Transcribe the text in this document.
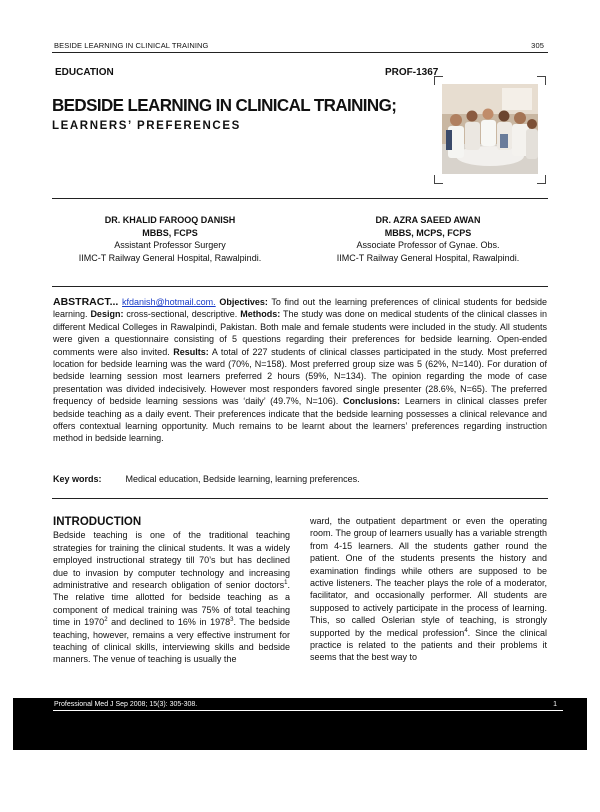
BESIDE LEARNING IN CLINICAL TRAINING	305
EDUCATION	PROF-1367
BEDSIDE LEARNING IN CLINICAL TRAINING;
LEARNERS’ PREFERENCES
DR. KHALID FAROOQ DANISH
MBBS, FCPS
Assistant Professor Surgery
IIMC-T Railway General Hospital, Rawalpindi.
DR. AZRA SAEED AWAN
MBBS, MCPS, FCPS
Associate Professor of Gynae. Obs.
IIMC-T Railway General Hospital, Rawalpindi.
ABSTRACT... kfdanish@hotmail.com. Objectives: To find out the learning preferences of clinical students for bedside learning. Design: cross-sectional, descriptive. Methods: The study was done on medical students of the clinical classes in different Medical Colleges in Rawalpindi, Pakistan. Both male and female students were included in the study. All students were given a questionnaire consisting of 5 questions regarding their preferences for bedside learning. Open-ended comments were also invited. Results: A total of 227 students of clinical classes participated in the study. Most preferred location for bedside learning was the ward (70%, N=158). Most preferred group size was 5 (62%, N=140). For duration of bedside learning session most learners preferred 2 hours (59%, N=134). The opinion regarding the mode of case presentation was divided indecisively. However most responders favored single presenter (28.6%, N=65). The preferred frequency of bedside learning sessions was ‘daily’ (49.7%, N=106). Conclusions: Learners in clinical classes prefer bedside teaching as a daily event. Their preferences indicate that the bedside learning possesses a clinical relevance and offers contextual learning opportunity. Much remains to be learnt about the learners’ preferences regarding instruction method in bedside learning.
Key words:	Medical education, Bedside learning, learning preferences.
INTRODUCTION
Bedside teaching is one of the traditional teaching strategies for training the clinical students. It was a widely employed instructional strategy till 70’s but has declined due to invasion by computer technology and increasing administrative and research obligation of senior doctors$^1$. The relative time allotted for bedside teaching as a component of medical training was 75% of total teaching time in 1970$^2$ and declined to 16% in 1978$^3$. The bedside teaching, however, remains a very effective instrument for teaching of clinical skills, interviewing skills and bedside manners. The venue of teaching is usually the
ward, the outpatient department or even the operating room. The group of learners usually has a variable strength from 4-15 learners. All the students gather round the patient. One of the students presents the history and examination findings while others are supposed to be active listeners. The teacher plays the role of a moderator, facilitator, and occasionally performer. All students are supposed to actively participate in the process of learning. This, so called Oslerian style of teaching, is strongly supported by the medical profession$^4$. Since the clinical practice is related to the patients and their problems it seems that the best way to
Professional Med J Sep 2008; 15(3): 305-308.	1
